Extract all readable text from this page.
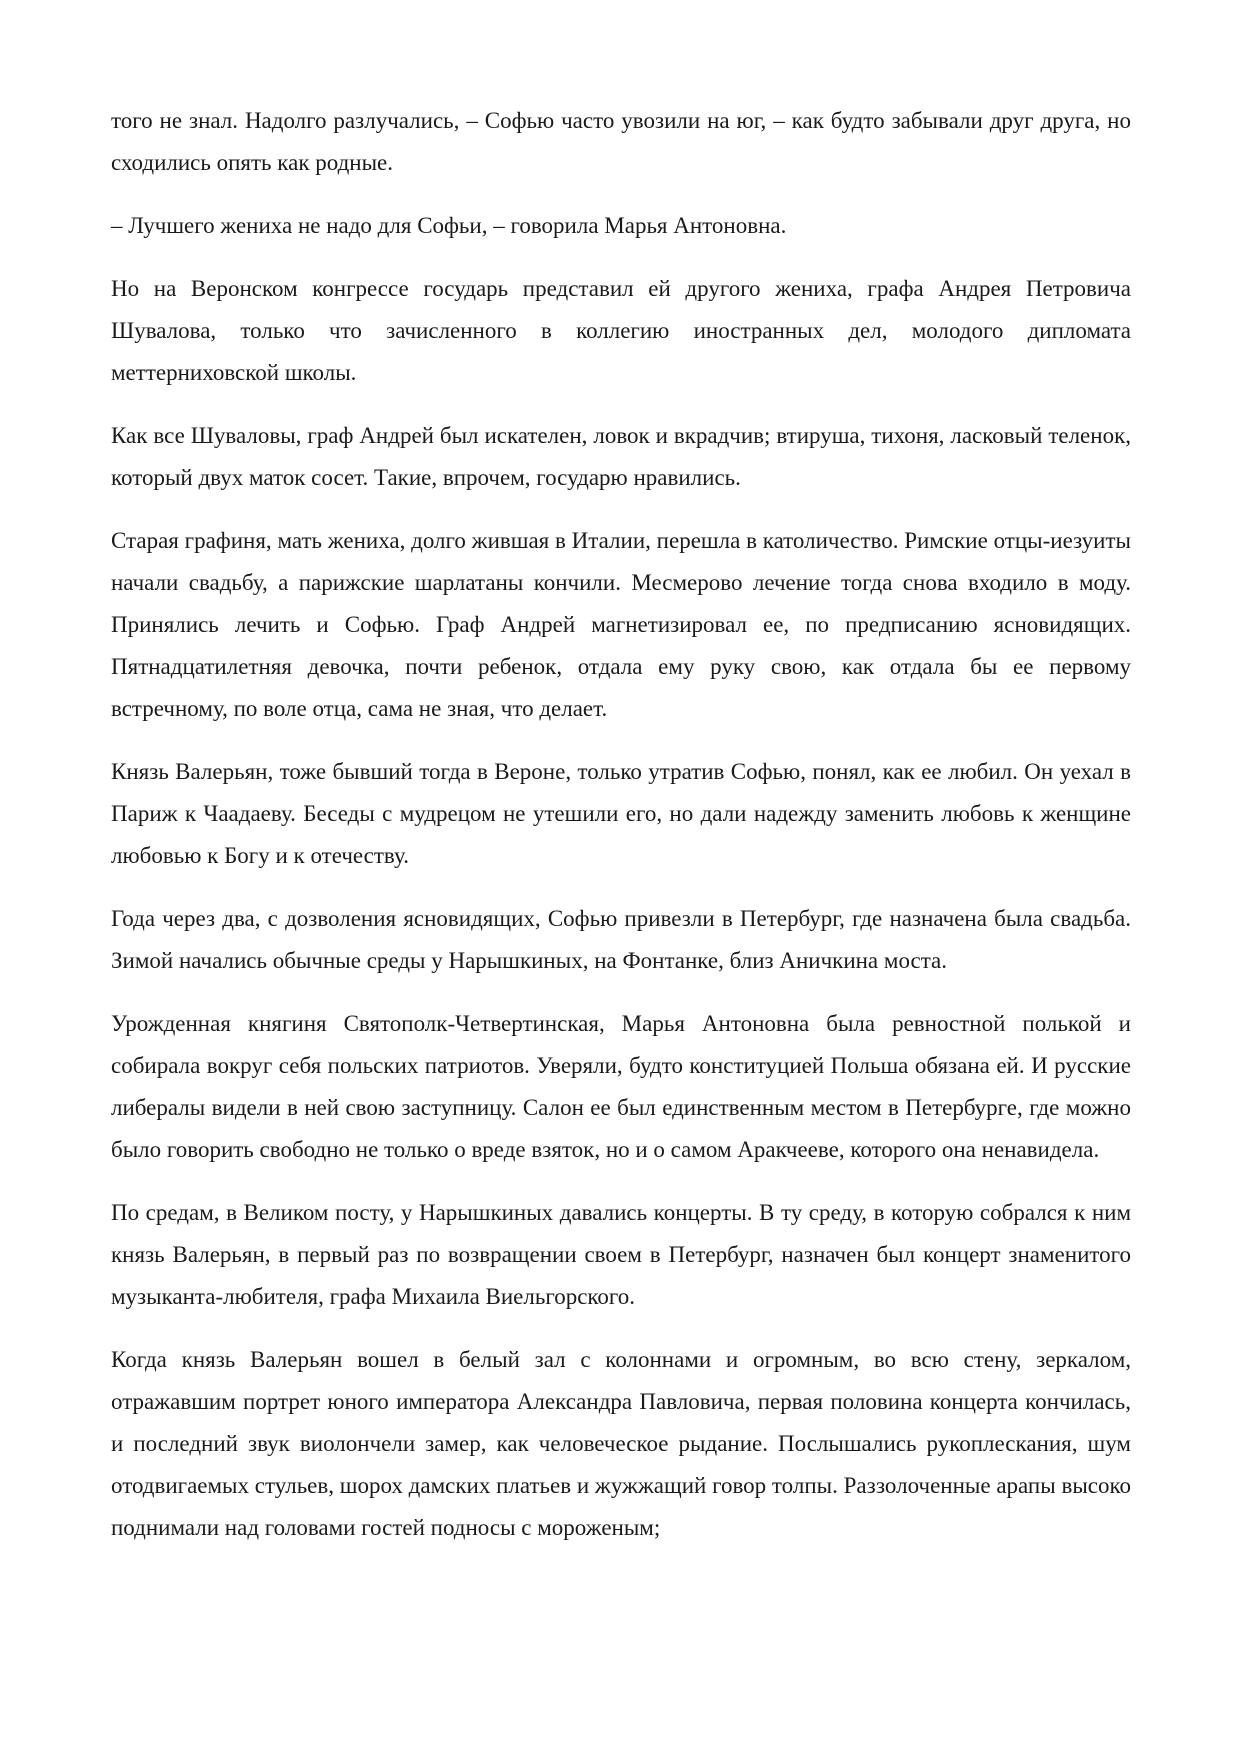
того не знал. Надолго разлучались, – Софью часто увозили на юг, – как будто забывали друг друга, но сходились опять как родные.

– Лучшего жениха не надо для Софьи, – говорила Марья Антоновна.

Но на Веронском конгрессе государь представил ей другого жениха, графа Андрея Петровича Шувалова, только что зачисленного в коллегию иностранных дел, молодого дипломата меттерниховской школы.

Как все Шуваловы, граф Андрей был искателен, ловок и вкрадчив; втируша, тихоня, ласковый теленок, который двух маток сосет. Такие, впрочем, государю нравились.

Старая графиня, мать жениха, долго жившая в Италии, перешла в католичество. Римские отцы-иезуиты начали свадьбу, а парижские шарлатаны кончили. Месмерово лечение тогда снова входило в моду. Принялись лечить и Софью. Граф Андрей магнетизировал ее, по предписанию ясновидящих. Пятнадцатилетняя девочка, почти ребенок, отдала ему руку свою, как отдала бы ее первому встречному, по воле отца, сама не зная, что делает.

Князь Валерьян, тоже бывший тогда в Вероне, только утратив Софью, понял, как ее любил. Он уехал в Париж к Чаадаеву. Беседы с мудрецом не утешили его, но дали надежду заменить любовь к женщине любовью к Богу и к отечеству.

Года через два, с дозволения ясновидящих, Софью привезли в Петербург, где назначена была свадьба. Зимой начались обычные среды у Нарышкиных, на Фонтанке, близ Аничкина моста.

Урожденная княгиня Святополк-Четвертинская, Марья Антоновна была ревностной полькой и собирала вокруг себя польских патриотов. Уверяли, будто конституцией Польша обязана ей. И русские либералы видели в ней свою заступницу. Салон ее был единственным местом в Петербурге, где можно было говорить свободно не только о вреде взяток, но и о самом Аракчееве, которого она ненавидела.

По средам, в Великом посту, у Нарышкиных давались концерты. В ту среду, в которую собрался к ним князь Валерьян, в первый раз по возвращении своем в Петербург, назначен был концерт знаменитого музыканта-любителя, графа Михаила Виельгорского.

Когда князь Валерьян вошел в белый зал с колоннами и огромным, во всю стену, зеркалом, отражавшим портрет юного императора Александра Павловича, первая половина концерта кончилась, и последний звук виолончели замер, как человеческое рыдание. Послышались рукоплескания, шум отодвигаемых стульев, шорох дамских платьев и жужжащий говор толпы. Раззолоченные арапы высоко поднимали над головами гостей подносы с мороженым;
